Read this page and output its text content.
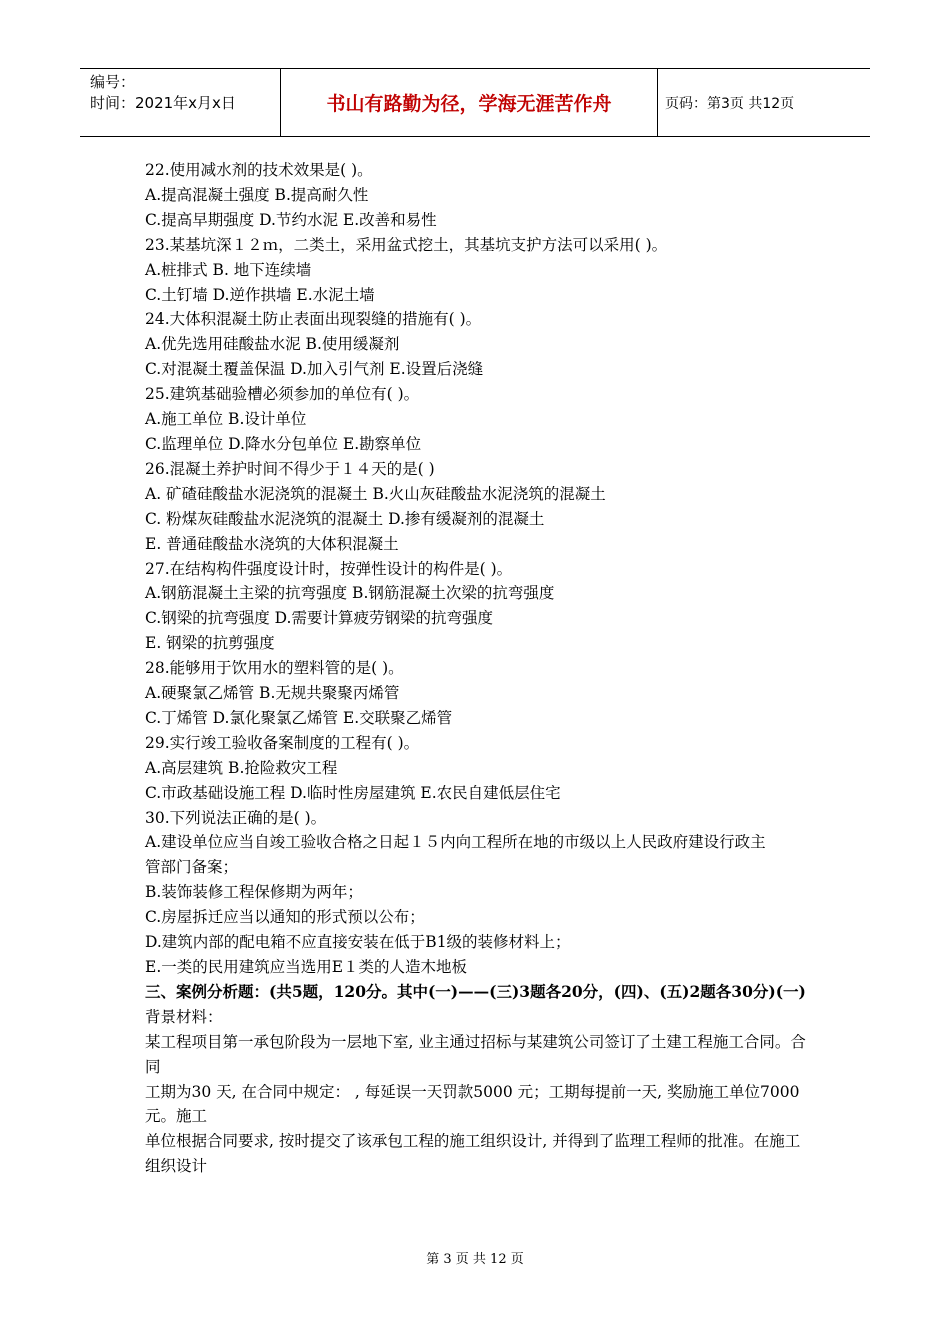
编号：
时间：2021年x月x日	书山有路勤为径，学海无涯苦作舟	页码：第3页 共12页
22.使用减水剂的技术效果是( )。
A.提高混凝土强度 B.提高耐久性
C.提高早期强度 D.节约水泥 E.改善和易性
23.某基坑深１２ｍ，二类土，采用盆式挖土，其基坑支护方法可以采用( )。
A.桩排式 B. 地下连续墙
C.土钉墙 D.逆作拱墙 E.水泥土墙
24.大体积混凝土防止表面出现裂缝的措施有( )。
A.优先选用硅酸盐水泥 B.使用缓凝剂
C.对混凝土覆盖保温 D.加入引气剂 E.设置后浇缝
25.建筑基础验槽必须参加的单位有( )。
A.施工单位 B.设计单位
C.监理单位 D.降水分包单位 E.勘察单位
26.混凝土养护时间不得少于１４天的是( )
A. 矿碴硅酸盐水泥浇筑的混凝土 B.火山灰硅酸盐水泥浇筑的混凝土
C. 粉煤灰硅酸盐水泥浇筑的混凝土 D.掺有缓凝剂的混凝土
E. 普通硅酸盐水浇筑的大体积混凝土
27.在结构构件强度设计时，按弹性设计的构件是( )。
A.钢筋混凝土主梁的抗弯强度 B.钢筋混凝土次梁的抗弯强度
C.钢梁的抗弯强度 D.需要计算疲劳钢梁的抗弯强度
E. 钢梁的抗剪强度
28.能够用于饮用水的塑料管的是( )。
A.硬聚氯乙烯管 B.无规共聚聚丙烯管
C.丁烯管 D.氯化聚氯乙烯管 E.交联聚乙烯管
29.实行竣工验收备案制度的工程有( )。
A.高层建筑 B.抢险救灾工程
C.市政基础设施工程 D.临时性房屋建筑 E.农民自建低层住宅
30.下列说法正确的是( )。
A.建设单位应当自竣工验收合格之日起１５内向工程所在地的市级以上人民政府建设行政主
管部门备案；
B.装饰装修工程保修期为两年；
C.房屋拆迁应当以通知的形式预以公布；
D.建筑内部的配电箱不应直接安装在低于B1级的装修材料上；
E.一类的民用建筑应当选用E１类的人造木地板
三、案例分析题：(共5题，120分。其中(一)——(三)3题各20分，(四)、(五)2题各30分)(一)
背景材料：
某工程项目第一承包阶段为一层地下室, 业主通过招标与某建筑公司签订了土建工程施工合同。合同
工期为30 天, 在合同中规定： , 每延误一天罚款5000 元；工期每提前一天, 奖励施工单位7000 元。施工
单位根据合同要求, 按时提交了该承包工程的施工组织设计, 并得到了监理工程师的批准。在施工组织设计
第 3 页 共 12 页
